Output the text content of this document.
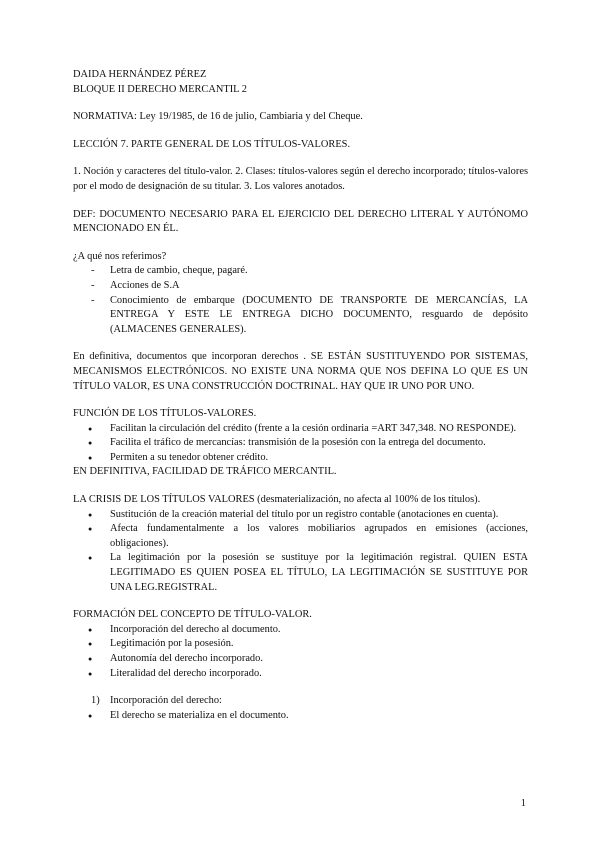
DAIDA HERNÁNDEZ PÉREZ

BLOQUE II DERECHO MERCANTIL 2

NORMATIVA: Ley 19/1985, de 16 de julio, Cambiaria y del Cheque.

LECCIÓN 7. PARTE GENERAL DE LOS TÍTULOS-VALORES.

1. Noción y caracteres del título-valor. 2. Clases: títulos-valores según el derecho incorporado; títulos-valores por el modo de designación de su titular. 3. Los valores anotados.

DEF: DOCUMENTO NECESARIO PARA EL EJERCICIO DEL DERECHO LITERAL Y AUTÓNOMO MENCIONADO EN ÉL.

¿A qué nos referimos?

- Letra de cambio, cheque, pagaré.
- Acciones de S.A
- Conocimiento de embarque (DOCUMENTO DE TRANSPORTE DE MERCANCÍAS, LA ENTREGA Y ESTE LE ENTREGA DICHO DOCUMENTO, resguardo de depósito (ALMACENES GENERALES).

En definitiva, documentos que incorporan derechos . SE ESTÁN SUSTITUYENDO POR SISTEMAS, MECANISMOS ELECTRÓNICOS. NO EXISTE UNA NORMA QUE NOS DEFINA LO QUE ES UN TÍTULO VALOR, ES UNA CONSTRUCCIÓN DOCTRINAL. HAY QUE IR UNO POR UNO.

FUNCIÓN DE LOS TÍTULOS-VALORES.

● Facilitan la circulación del crédito (frente a la cesión ordinaria =ART 347,348. NO RESPONDE).
● Facilita el tráfico de mercancías: transmisión de la posesión con la entrega del documento.
● Permiten a su tenedor obtener crédito.

EN DEFINITIVA, FACILIDAD DE TRÁFICO MERCANTIL.

LA CRISIS DE LOS TÍTULOS VALORES (desmaterialización, no afecta al 100% de los títulos).

● Sustitución de la creación material del título por un registro contable (anotaciones en cuenta).
● Afecta fundamentalmente a los valores mobiliarios agrupados en emisiones (acciones, obligaciones).
● La legitimación por la posesión se sustituye por la legitimación registral. QUIEN ESTA LEGITIMADO ES QUIEN POSEA EL TÍTULO, LA LEGITIMACIÓN SE SUSTITUYE POR UNA LEG.REGISTRAL.

FORMACIÓN DEL CONCEPTO DE TÍTULO-VALOR.

● Incorporación del derecho al documento.
● Legitimación por la posesión.
● Autonomía del derecho incorporado.
● Literalidad del derecho incorporado.
1) Incorporación del derecho:
● El derecho se materializa en el documento.
1
